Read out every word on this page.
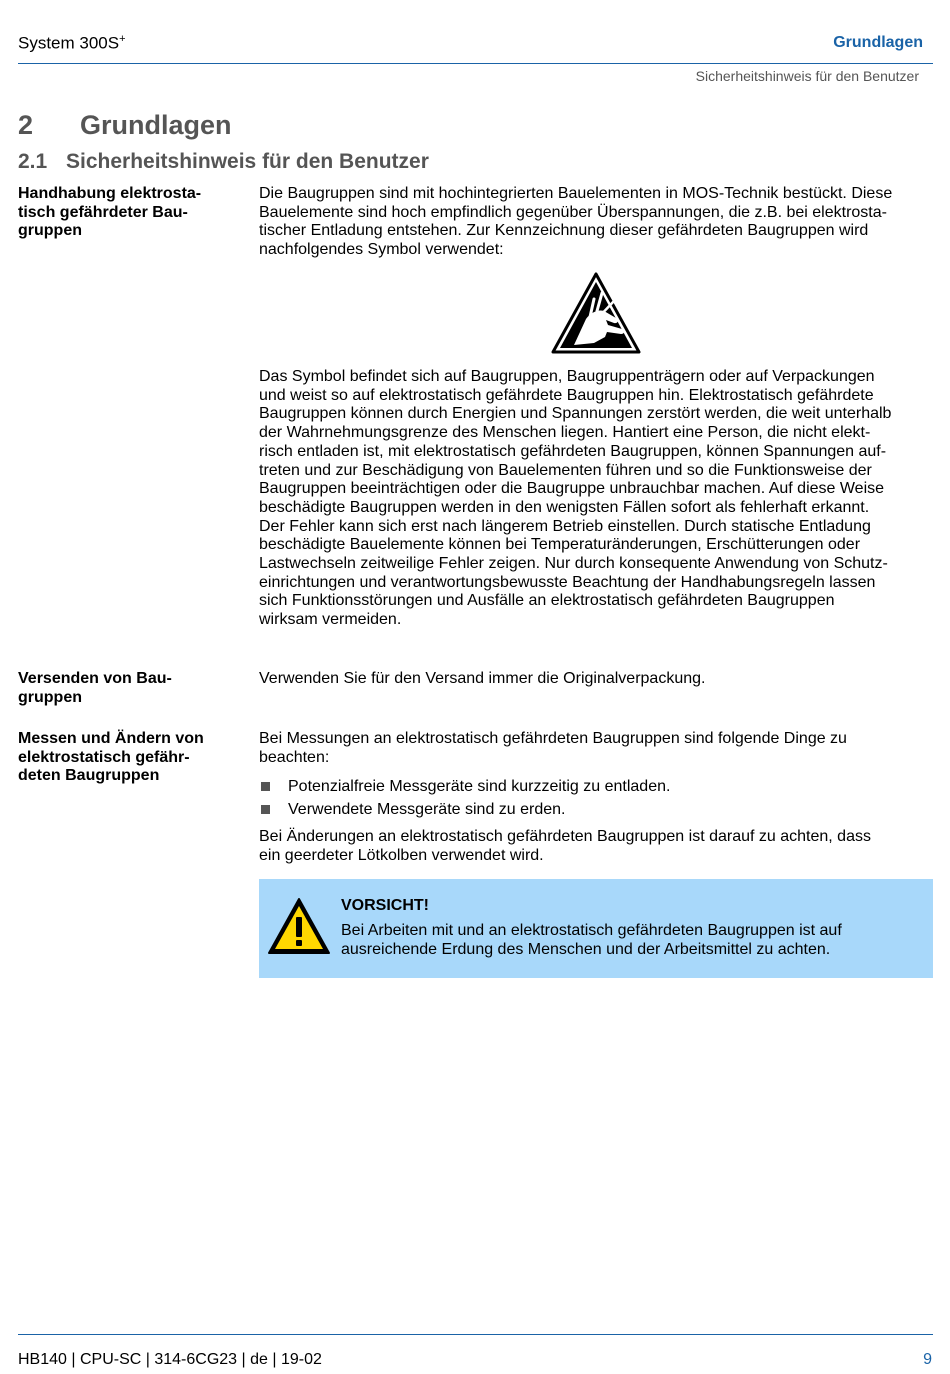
System 300S+	Grundlagen
Sicherheitshinweis für den Benutzer
2 Grundlagen
2.1 Sicherheitshinweis für den Benutzer
Handhabung elektrosta-
tisch gefährdeter Bau-
gruppen
Die Baugruppen sind mit hochintegrierten Bauelementen in MOS-Technik bestückt. Diese
Bauelemente sind hoch empfindlich gegenüber Überspannungen, die z.B. bei elektrosta-
tischer Entladung entstehen. Zur Kennzeichnung dieser gefährdeten Baugruppen wird
nachfolgendes Symbol verwendet:
Das Symbol befindet sich auf Baugruppen, Baugruppenträgern oder auf Verpackungen
und weist so auf elektrostatisch gefährdete Baugruppen hin. Elektrostatisch gefährdete
Baugruppen können durch Energien und Spannungen zerstört werden, die weit unterhalb
der Wahrnehmungsgrenze des Menschen liegen. Hantiert eine Person, die nicht elekt-
risch entladen ist, mit elektrostatisch gefährdeten Baugruppen, können Spannungen auf-
treten und zur Beschädigung von Bauelementen führen und so die Funktionsweise der
Baugruppen beeinträchtigen oder die Baugruppe unbrauchbar machen. Auf diese Weise
beschädigte Baugruppen werden in den wenigsten Fällen sofort als fehlerhaft erkannt.
Der Fehler kann sich erst nach längerem Betrieb einstellen. Durch statische Entladung
beschädigte Bauelemente können bei Temperaturänderungen, Erschütterungen oder
Lastwechseln zeitweilige Fehler zeigen. Nur durch konsequente Anwendung von Schutz-
einrichtungen und verantwortungsbewusste Beachtung der Handhabungsregeln lassen
sich Funktionsstörungen und Ausfälle an elektrostatisch gefährdeten Baugruppen
wirksam vermeiden.
Versenden von Bau-
gruppen
Verwenden Sie für den Versand immer die Originalverpackung.
Messen und Ändern von
elektrostatisch gefähr-
deten Baugruppen
Bei Messungen an elektrostatisch gefährdeten Baugruppen sind folgende Dinge zu
beachten:
Potenzialfreie Messgeräte sind kurzzeitig zu entladen.
Verwendete Messgeräte sind zu erden.
Bei Änderungen an elektrostatisch gefährdeten Baugruppen ist darauf zu achten, dass
ein geerdeter Lötkolben verwendet wird.
VORSICHT!
Bei Arbeiten mit und an elektrostatisch gefährdeten Baugruppen ist auf
ausreichende Erdung des Menschen und der Arbeitsmittel zu achten.
HB140 | CPU-SC | 314-6CG23 | de | 19-02	9
